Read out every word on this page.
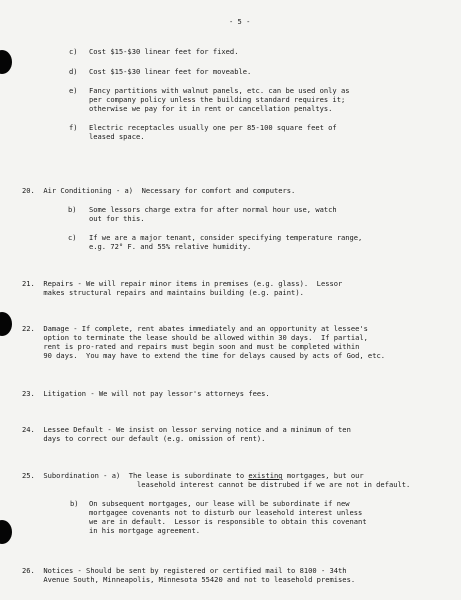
- 5 -
c) Cost $15-$30 linear feet for fixed.
d) Cost $15-$30 linear feet for moveable.
e) Fancy partitions with walnut panels, etc. can be used only as
per company policy unless the building standard requires it;
otherwise we pay for it in rent or cancellation penaltys.
f) Electric receptacles usually one per 85-100 square feet of
leased space.
20.  Air Conditioning - a)  Necessary for comfort and computers.
b) Some lessors charge extra for after normal hour use, watch
out for this.
c) If we are a major tenant, consider specifying temperature range,
e.g. 72° F. and 55% relative humidity.
21.  Repairs - We will repair minor items in premises (e.g. glass).  Lessor
makes structural repairs and maintains building (e.g. paint).
22.  Damage - If complete, rent abates immediately and an opportunity at lessee's
option to terminate the lease should be allowed within 30 days.  If partial,
rent is pro-rated and repairs must begin soon and must be completed within
90 days.  You may have to extend the time for delays caused by acts of God, etc.
23.  Litigation - We will not pay lessor's attorneys fees.
24.  Lessee Default - We insist on lessor serving notice and a minimum of ten
days to correct our default (e.g. omission of rent).
25. Subordination - a) The lease is subordinate to existing mortgages, but our
leasehold interest cannot be distrubed if we are not in default.
b) On subsequent mortgages, our lease will be subordinate if new
mortgagee covenants not to disturb our leasehold interest unless
we are in default.  Lessor is responsible to obtain this covenant
in his mortgage agreement.
26.  Notices - Should be sent by registered or certified mail to 8100 - 34th
Avenue South, Minneapolis, Minnesota 55420 and not to leasehold premises.
